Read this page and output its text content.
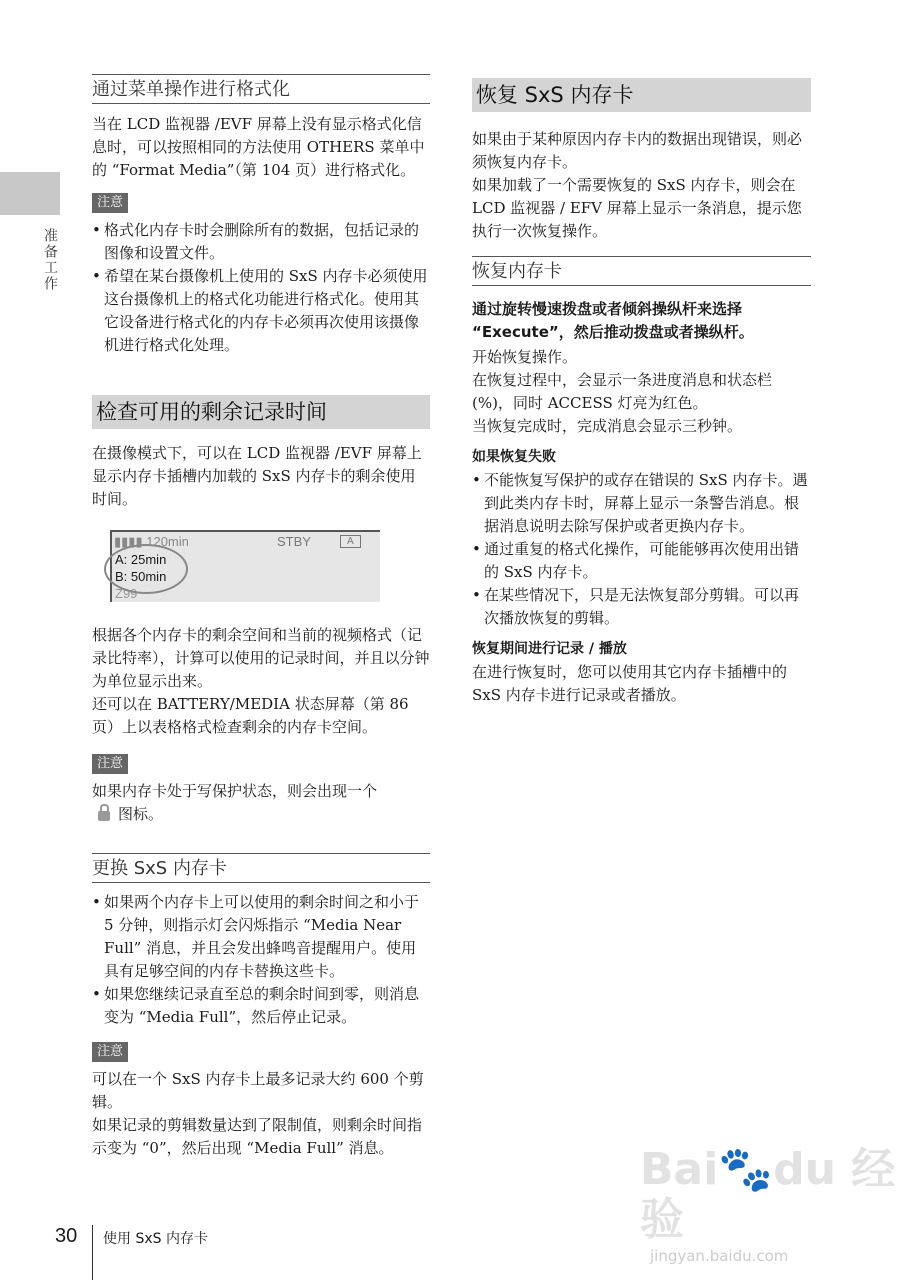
准备工作
通过菜单操作进行格式化

当在 LCD 监视器 /EVF 屏幕上没有显示格式化信息时，可以按照相同的方法使用 OTHERS 菜单中的 “Format Media”（第 104 页）进行格式化。

注意
• 格式化内存卡时会删除所有的数据，包括记录的图像和设置文件。
• 希望在某台摄像机上使用的 SxS 内存卡必须使用这台摄像机上的格式化功能进行格式化。使用其它设备进行格式化的内存卡必须再次使用该摄像机进行格式化处理。
检查可用的剩余记录时间

在摄像模式下，可以在 LCD 监视器 /EVF 屏幕上显示内存卡插槽内加载的 SxS 内存卡的剩余使用时间。

▮▮▮▮ 120min	STBY	A
A: 25min
B: 50min
Z99

根据各个内存卡的剩余空间和当前的视频格式（记录比特率），计算可以使用的记录时间，并且以分钟为单位显示出来。

还可以在 BATTERY/MEDIA 状态屏幕（第 86 页）上以表格格式检查剩余的内存卡空间。

注意

如果内存卡处于写保护状态，则会出现一个
图标。

更换 SxS 内存卡
• 如果两个内存卡上可以使用的剩余时间之和小于 5 分钟，则指示灯会闪烁指示 “Media Near Full” 消息，并且会发出蜂鸣音提醒用户。使用具有足够空间的内存卡替换这些卡。
• 如果您继续记录直至总的剩余时间到零，则消息变为 “Media Full”，然后停止记录。
注意

可以在一个 SxS 内存卡上最多记录大约 600 个剪辑。

如果记录的剪辑数量达到了限制值，则剩余时间指示变为 “0”，然后出现 “Media Full” 消息。

恢复 SxS 内存卡

如果由于某种原因内存卡内的数据出现错误，则必须恢复内存卡。

如果加载了一个需要恢复的 SxS 内存卡，则会在 LCD 监视器 / EFV 屏幕上显示一条消息，提示您执行一次恢复操作。

恢复内存卡

通过旋转慢速拨盘或者倾斜操纵杆来选择 “Execute”，然后推动拨盘或者操纵杆。

开始恢复操作。

在恢复过程中，会显示一条进度消息和状态栏 (%)，同时 ACCESS 灯亮为红色。

当恢复完成时，完成消息会显示三秒钟。

如果恢复失败

• 不能恢复写保护的或存在错误的 SxS 内存卡。遇到此类内存卡时，屏幕上显示一条警告消息。根据消息说明去除写保护或者更换内存卡。
• 通过重复的格式化操作，可能能够再次使用出错的 SxS 内存卡。
• 在某些情况下，只是无法恢复部分剪辑。可以再次播放恢复的剪辑。

恢复期间进行记录 / 播放

在进行恢复时，您可以使用其它内存卡插槽中的 SxS 内存卡进行记录或者播放。

30 使用 SxS 内存卡
Bai🐾du 经验
jingyan.baidu.com
